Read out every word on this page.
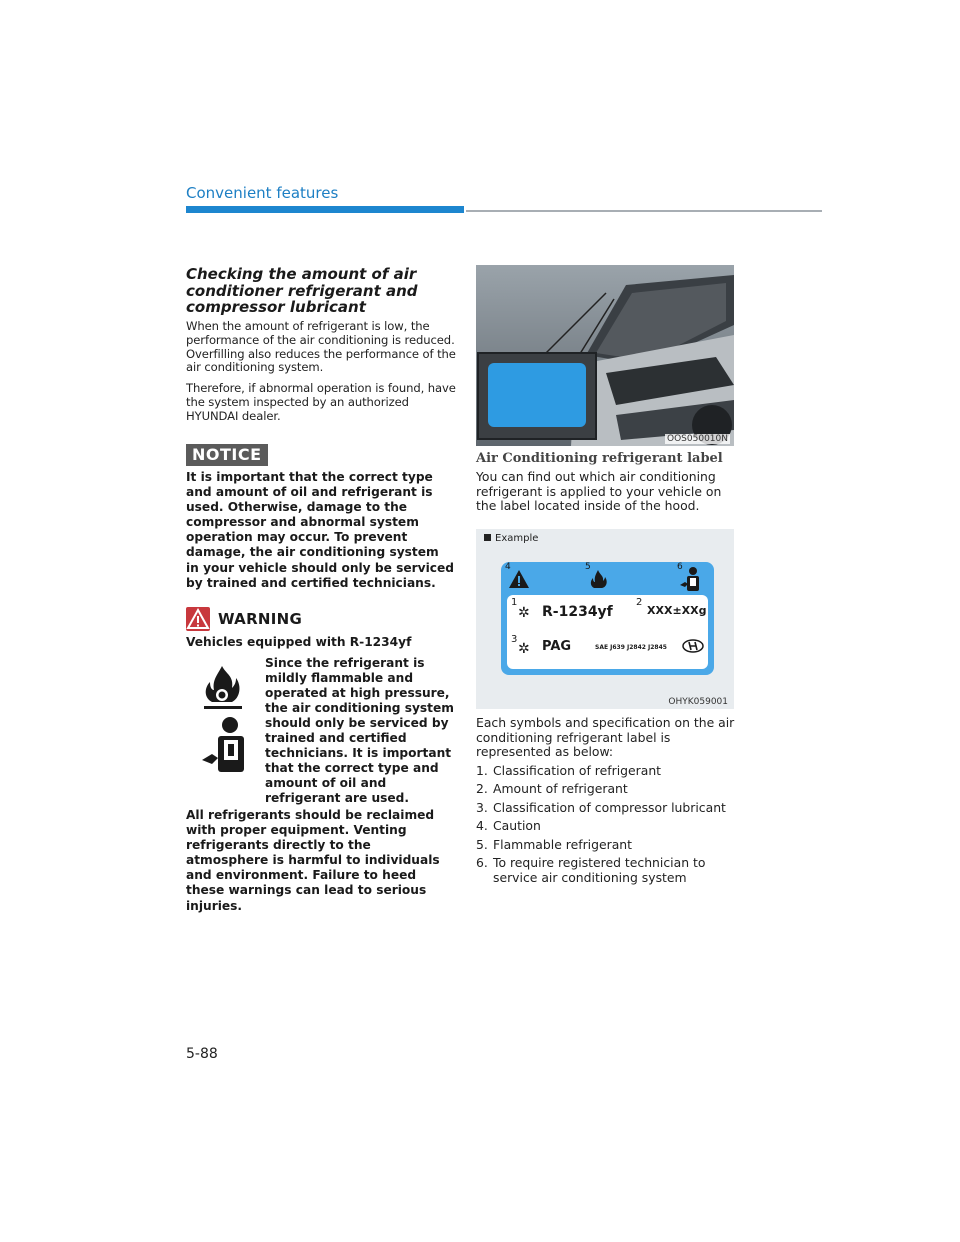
Convenient features
Checking the amount of air conditioner refrigerant and compressor lubricant
When the amount of refrigerant is low, the performance of the air conditioning is reduced. Overfilling also reduces the performance of the air conditioning system.
Therefore, if abnormal operation is found, have the system inspected by an authorized HYUNDAI dealer.
NOTICE
It is important that the correct type and amount of oil and refrigerant is used. Otherwise, damage to the compressor and abnormal system operation may occur. To prevent damage, the air conditioning system in your vehicle should only be serviced by trained and certified technicians.
WARNING
Vehicles equipped with R-1234yf
Since the refrigerant is mildly flammable and operated at high pressure, the air conditioning system should only be serviced by trained and certified technicians. It is important that the correct type and amount of oil and refrigerant are used.
All refrigerants should be reclaimed with proper equipment. Venting refrigerants directly to the atmosphere is harmful to individuals and environment. Failure to heed these warnings can lead to serious injuries.
OOS050010N
Air Conditioning refrigerant label
You can find out which air conditioning refrigerant is applied to your vehicle on the label located inside of the hood.
Example
4	5	6
1
✲ R-1234yf
2
XXX±XXg
3
✲ PAG	SAE J639 J2842 J2845
OHYK059001
Each symbols and specification on the air conditioning refrigerant label is represented as below:
1. Classification of refrigerant
2. Amount of refrigerant
3. Classification of compressor lubricant
4. Caution
5. Flammable refrigerant
6. To require registered technician to service air conditioning system
5-88
